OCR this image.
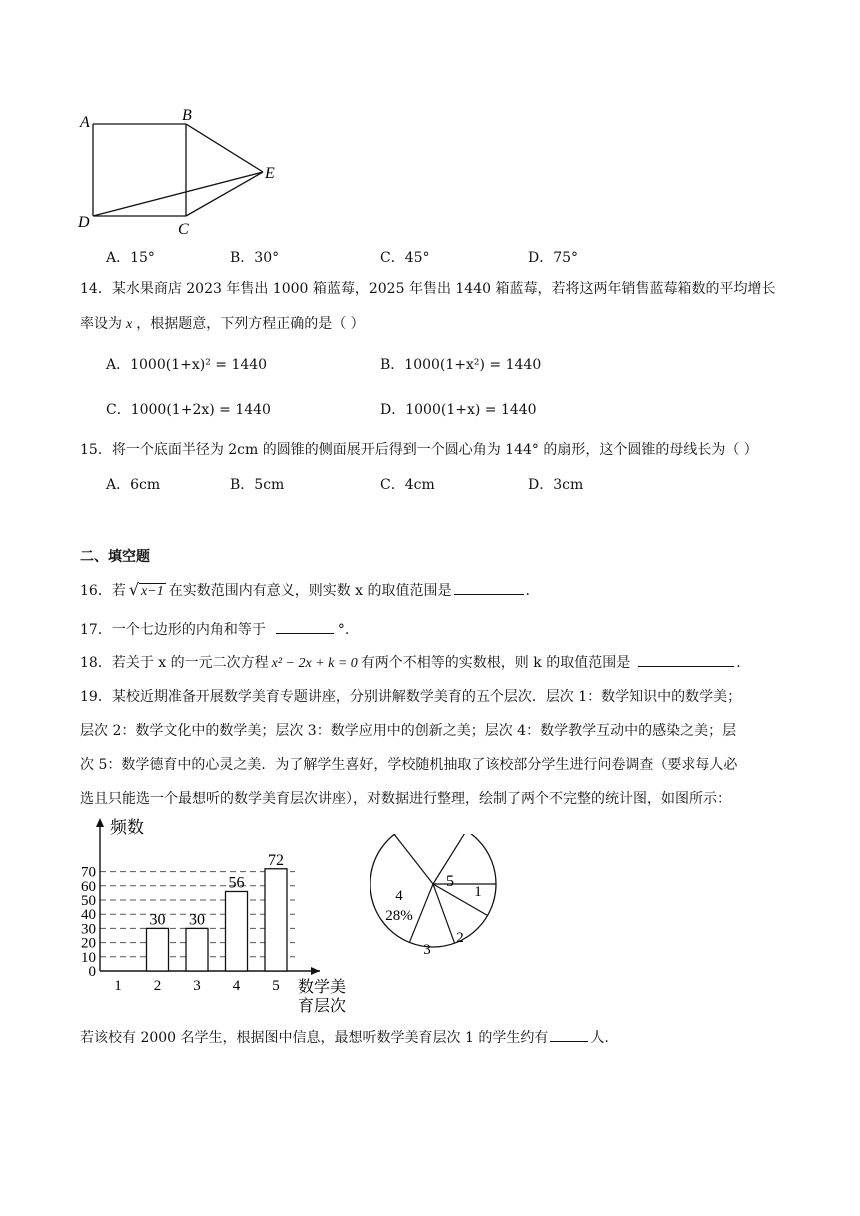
A	B
C
D
E
A．15°	B．30°	C．45°	D．75°
14．某水果商店 2023 年售出 1000 箱蓝莓，2025 年售出 1440 箱蓝莓，若将这两年销售蓝莓箱数的平均增长
率设为 x ，根据题意，下列方程正确的是（ ）
A．1000(1+x)² = 1440	B．1000(1+x²) = 1440
C．1000(1+2x) = 1440	D．1000(1+x) = 1440
15．将一个底面半径为 2cm 的圆锥的侧面展开后得到一个圆心角为 144° 的扇形，这个圆锥的母线长为（ ）
A．6cm	B．5cm	C．4cm	D．3cm
二、填空题
16．若 √ x−1 在实数范围内有意义，则实数 x 的取值范围是	.
17．一个七边形的内角和等于	°.
18．若关于 x 的一元二次方程 x² − 2x + k = 0 有两个不相等的实数根，则 k 的取值范围是	.
19．某校近期准备开展数学美育专题讲座，分别讲解数学美育的五个层次．层次 1：数学知识中的数学美；
层次 2：数学文化中的数学美；层次 3：数学应用中的创新之美；层次 4：数学教学互动中的感染之美；层
次 5：数学德育中的心灵之美．为了解学生喜好，学校随机抽取了该校部分学生进行问卷调查（要求每人必
选且只能选一个最想听的数学美育层次讲座），对数据进行整理，绘制了两个不完整的统计图，如图所示：
0
10
20
30
40
50
60
70
频数
数学美
育层次
1 2
30
3
30
4
56
5
72
1
2
3
4
28%
5
若该校有 2000 名学生，根据图中信息，最想听数学美育层次 1 的学生约有	人.
